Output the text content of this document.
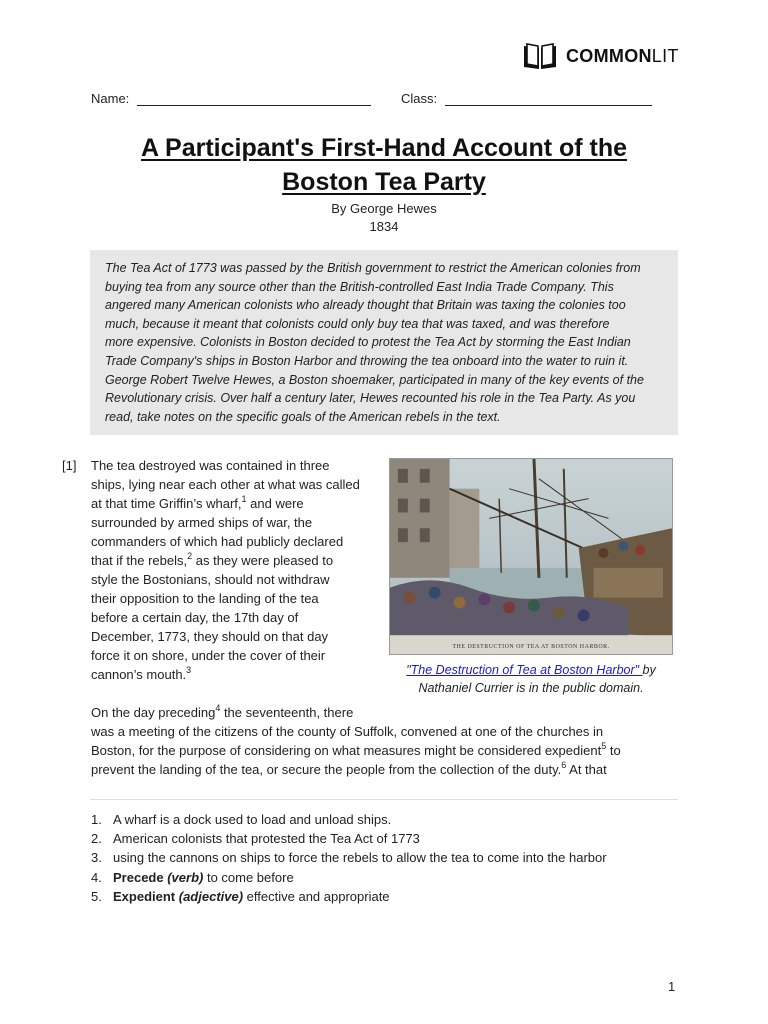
COMMONLIT
Name:	Class:
A Participant's First-Hand Account of the
Boston Tea Party
By George Hewes
1834
The Tea Act of 1773 was passed by the British government to restrict the American colonies from
buying tea from any source other than the British-controlled East India Trade Company. This
angered many American colonists who already thought that Britain was taxing the colonies too
much, because it meant that colonists could only buy tea that was taxed, and was therefore
more expensive. Colonists in Boston decided to protest the Tea Act by storming the East Indian
Trade Company's ships in Boston Harbor and throwing the tea onboard into the water to ruin it.
George Robert Twelve Hewes, a Boston shoemaker, participated in many of the key events of the
Revolutionary crisis. Over half a century later, Hewes recounted his role in the Tea Party. As you
read, take notes on the specific goals of the American rebels in the text.
[1] The tea destroyed was contained in three
ships, lying near each other at what was called
at that time Griffin’s wharf,$^1$ and were
surrounded by armed ships of war, the
commanders of which had publicly declared
that if the rebels,$^2$ as they were pleased to
style the Bostonians, should not withdraw
their opposition to the landing of the tea
before a certain day, the 17th day of
December, 1773, they should on that day
force it on shore, under the cover of their
cannon’s mouth.$^3$
THE DESTRUCTION OF TEA AT BOSTON HARBOR.
"The Destruction of Tea at Boston Harbor" by
Nathaniel Currier is in the public domain.
On the day preceding$^4$ the seventeenth, there
was a meeting of the citizens of the county of Suffolk, convened at one of the churches in
Boston, for the purpose of considering on what measures might be considered expedient$^5$ to
prevent the landing of the tea, or secure the people from the collection of the duty.$^6$ At that
1. A wharf is a dock used to load and unload ships.
2. American colonists that protested the Tea Act of 1773
3. using the cannons on ships to force the rebels to allow the tea to come into the harbor
4. Precede (verb) to come before
5. Expedient (adjective) effective and appropriate
1
